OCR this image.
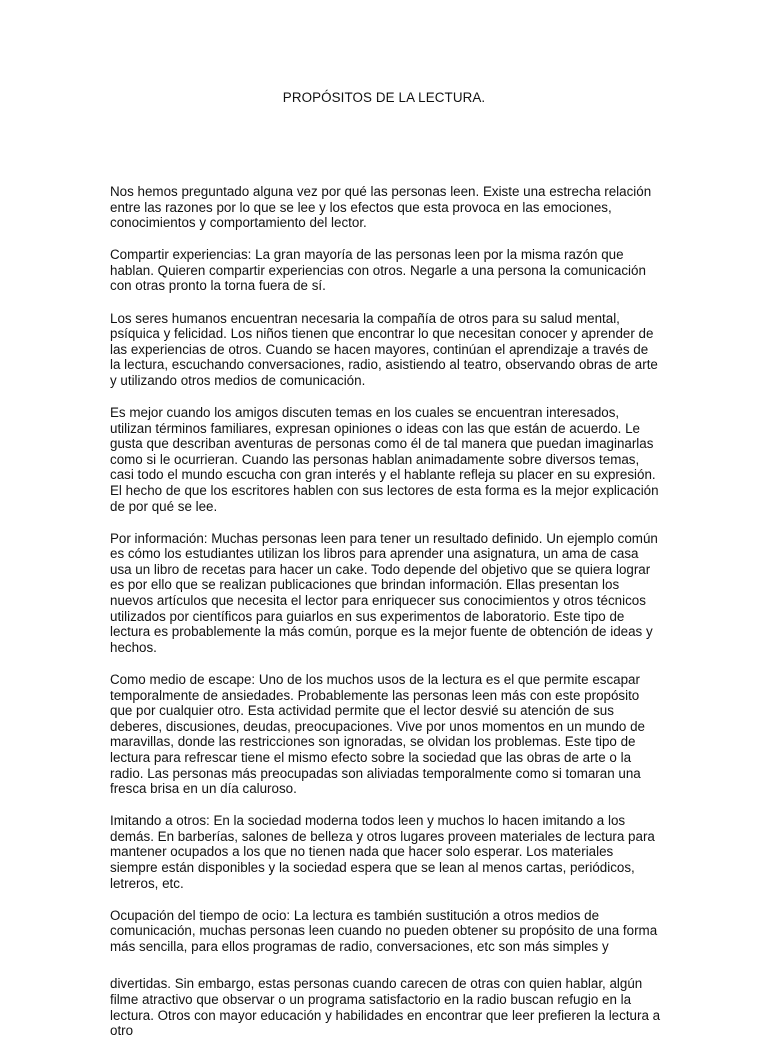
PROPÓSITOS DE LA LECTURA.

Nos hemos preguntado alguna vez por qué las personas leen. Existe una estrecha relación entre las razones por lo que se lee y los efectos que esta provoca en las emociones, conocimientos y comportamiento del lector.

Compartir experiencias: La gran mayoría de las personas leen por la misma razón que hablan. Quieren compartir experiencias con otros. Negarle a una persona la comunicación con otras pronto la torna fuera de sí.

Los seres humanos encuentran necesaria la compañía de otros para su salud mental, psíquica y felicidad. Los niños tienen que encontrar lo que necesitan conocer y aprender de las experiencias de otros. Cuando se hacen mayores, continúan el aprendizaje a través de la lectura, escuchando conversaciones, radio, asistiendo al teatro, observando obras de arte y utilizando otros medios de comunicación.

Es mejor cuando los amigos discuten temas en los cuales se encuentran interesados, utilizan términos familiares, expresan opiniones o ideas con las que están de acuerdo. Le gusta que describan aventuras de personas como él de tal manera que puedan imaginarlas como si le ocurrieran. Cuando las personas hablan animadamente sobre diversos temas, casi todo el mundo escucha con gran interés y el hablante refleja su placer en su expresión. El hecho de que los escritores hablen con sus lectores de esta forma es la mejor explicación de por qué se lee.

Por información: Muchas personas leen para tener un resultado definido. Un ejemplo común es cómo los estudiantes utilizan los libros para aprender una asignatura, un ama de casa usa un libro de recetas para hacer un cake. Todo depende del objetivo que se quiera lograr es por ello que se realizan publicaciones que brindan información. Ellas presentan los nuevos artículos que necesita el lector para enriquecer sus conocimientos y otros técnicos utilizados por científicos para guiarlos en sus experimentos de laboratorio. Este tipo de lectura es probablemente la más común, porque es la mejor fuente de obtención de ideas y hechos.

Como medio de escape: Uno de los muchos usos de la lectura es el que permite escapar temporalmente de ansiedades. Probablemente las personas leen más con este propósito que por cualquier otro. Esta actividad permite que el lector desvié su atención de sus deberes, discusiones, deudas, preocupaciones. Vive por unos momentos en un mundo de maravillas, donde las restricciones son ignoradas, se olvidan los problemas. Este tipo de lectura para refrescar tiene el mismo efecto sobre la sociedad que las obras de arte o la radio. Las personas más preocupadas son aliviadas temporalmente como si tomaran una fresca brisa en un día caluroso.

Imitando a otros: En la sociedad moderna todos leen y muchos lo hacen imitando a los demás. En barberías, salones de belleza y otros lugares proveen materiales de lectura para mantener ocupados a los que no tienen nada que hacer solo esperar. Los materiales siempre están disponibles y la sociedad espera que se lean al menos cartas, periódicos, letreros, etc.

Ocupación del tiempo de ocio: La lectura es también sustitución a otros medios de comunicación, muchas personas leen cuando no pueden obtener su propósito de una forma más sencilla, para ellos programas de radio, conversaciones, etc son más simples y

divertidas. Sin embargo, estas personas cuando carecen de otras con quien hablar, algún filme atractivo que observar o un programa satisfactorio en la radio buscan refugio en la lectura. Otros con mayor educación y habilidades en encontrar que leer prefieren la lectura a otro
